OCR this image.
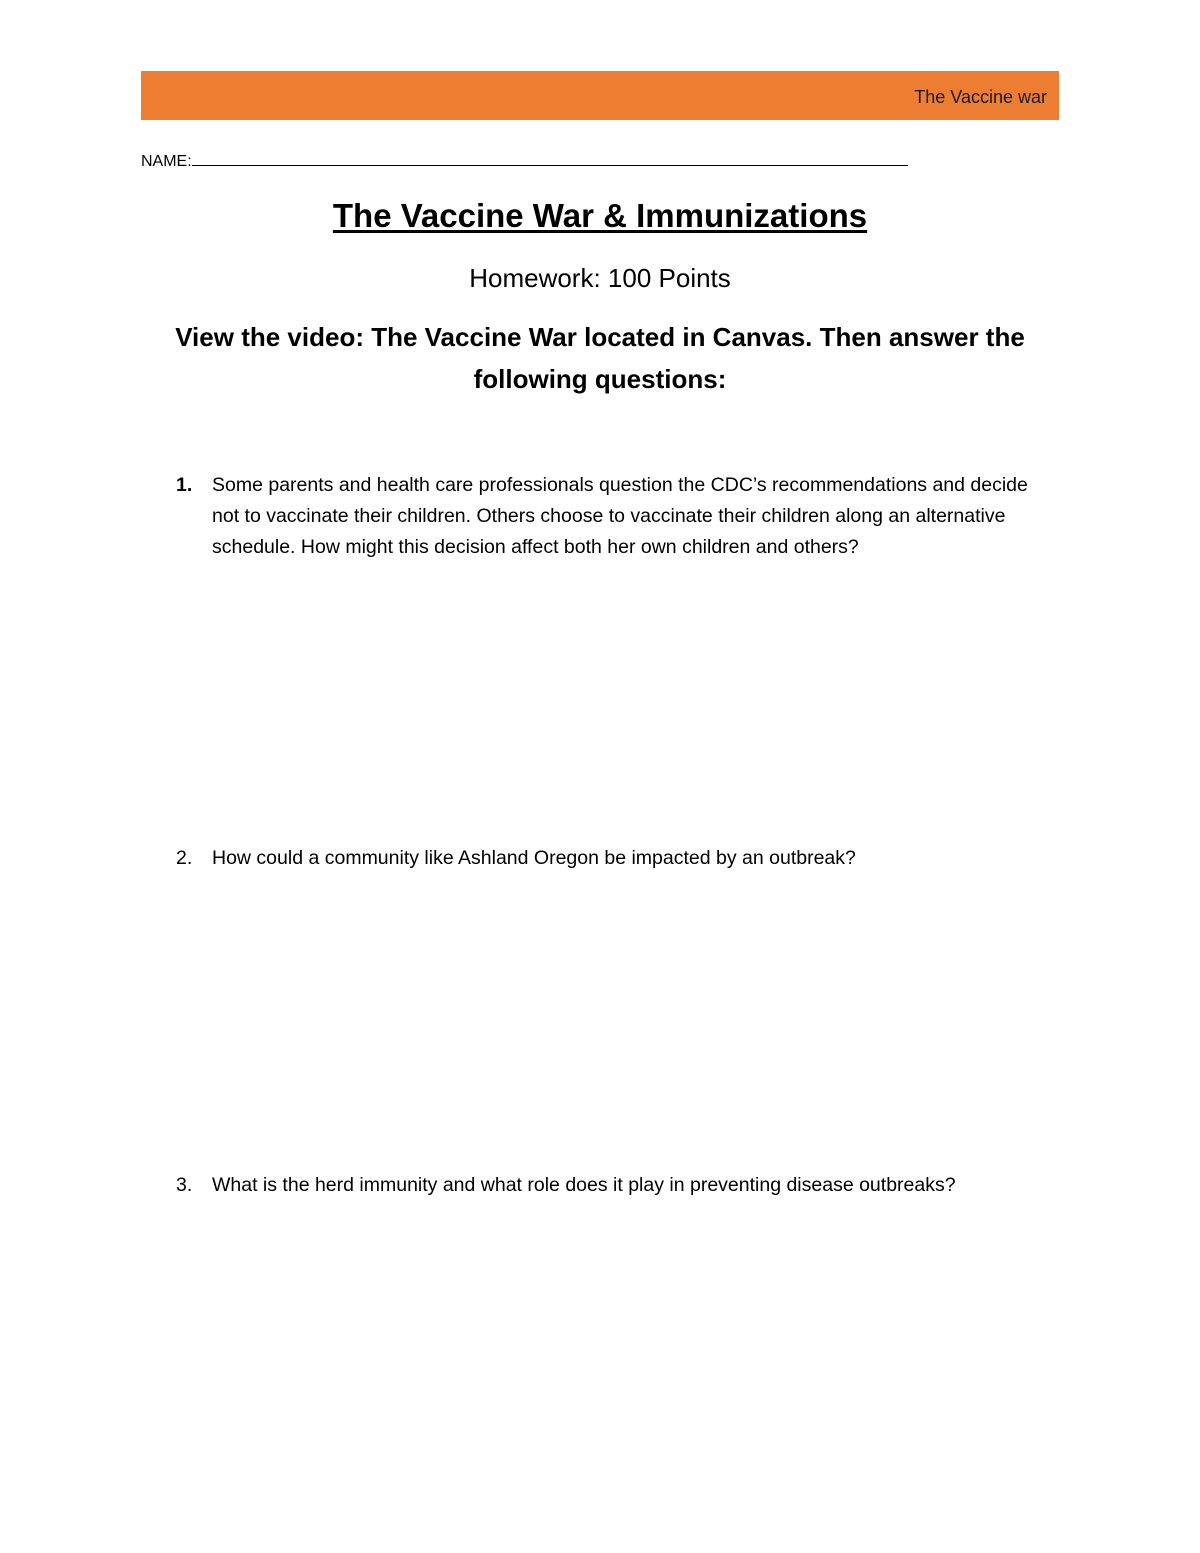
The Vaccine war
NAME:
The Vaccine War & Immunizations
Homework: 100 Points
View the video: The Vaccine War located in Canvas. Then answer the following questions:
1.	Some parents and health care professionals question the CDC’s recommendations and decide not to vaccinate their children. Others choose to vaccinate their children along an alternative schedule. How might this decision affect both her own children and others?
2.	How could a community like Ashland Oregon be impacted by an outbreak?
3.	What is the herd immunity and what role does it play in preventing disease outbreaks?
